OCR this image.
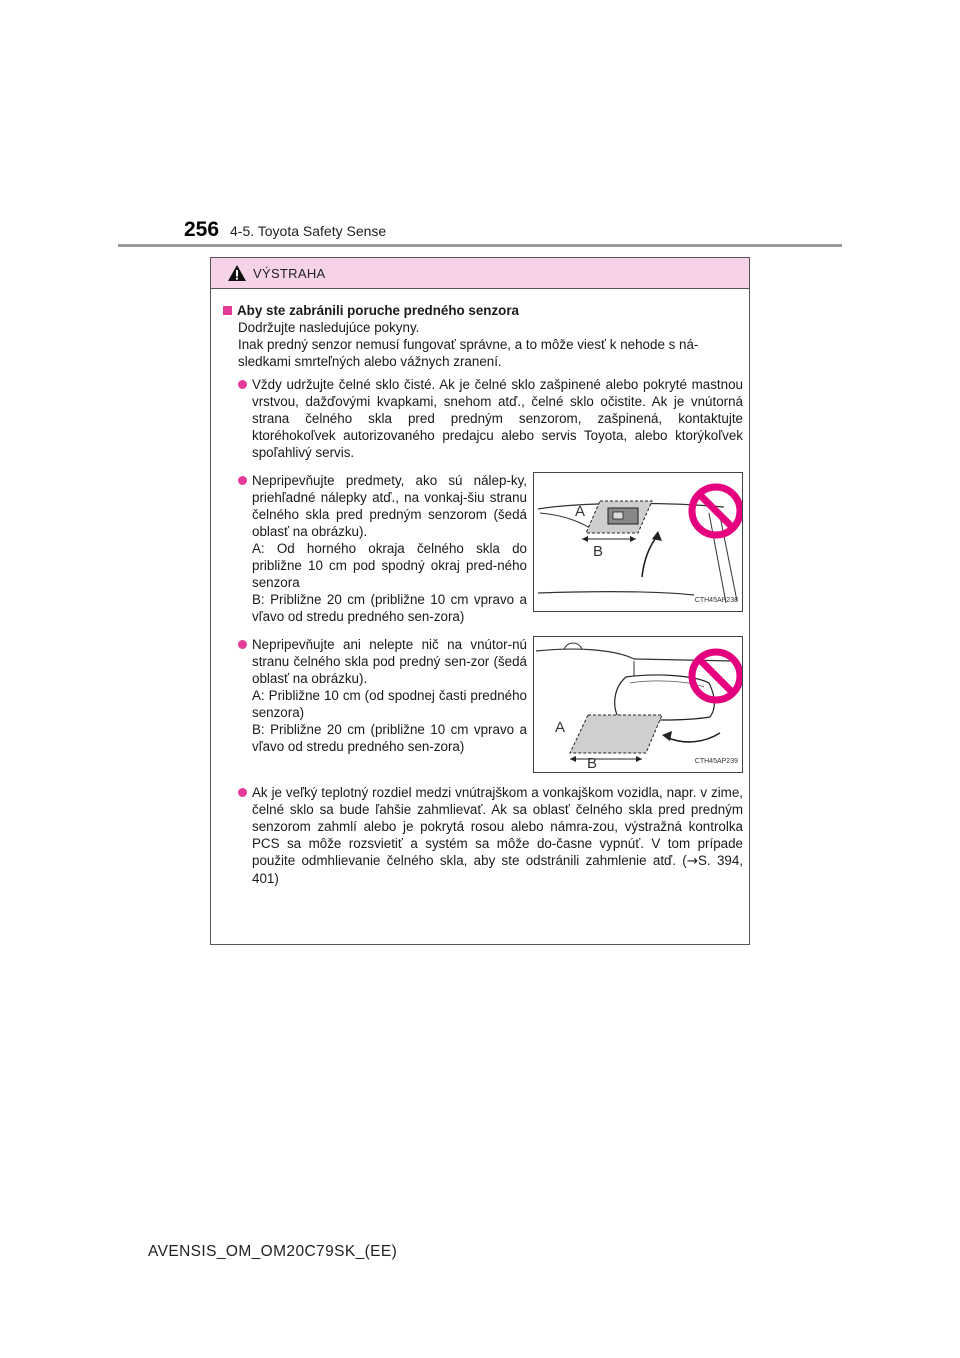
256 4-5. Toyota Safety Sense
VÝSTRAHA
Aby ste zabránili poruche predného senzora

Dodržujte nasledujúce pokyny.

Inak predný senzor nemusí fungovať správne, a to môže viesť k nehode s ná-sledkami smrteľných alebo vážnych zranení.

Vždy udržujte čelné sklo čisté. Ak je čelné sklo zašpinené alebo pokryté mastnou vrstvou, dažďovými kvapkami, snehom atď., čelné sklo očistite. Ak je vnútorná strana čelného skla pred predným senzorom, zašpinená, kontaktujte ktoréhokoľvek autorizovaného predajcu alebo servis Toyota, alebo ktorýkoľvek spoľahlivý servis.

Nepripevňujte predmety, ako sú nálep-ky, priehľadné nálepky atď., na vonkaj-šiu stranu čelného skla pred predným senzorom (šedá oblasť na obrázku).

A: Od horného okraja čelného skla do približne 10 cm pod spodný okraj pred-ného senzora

B: Približne 20 cm (približne 10 cm vpravo a vľavo od stredu predného sen-zora)

A
B
CTH45AP238

Nepripevňujte ani nelepte nič na vnútor-nú stranu čelného skla pod predný sen-zor (šedá oblasť na obrázku).

A: Približne 10 cm (od spodnej časti predného senzora)

B: Približne 20 cm (približne 10 cm vpravo a vľavo od stredu predného sen-zora)

A
B	CTH45AP239

Ak je veľký teplotný rozdiel medzi vnútrajškom a vonkajškom vozidla, napr. v zime, čelné sklo sa bude ľahšie zahmlievať. Ak sa oblasť čelného skla pred predným senzorom zahmlí alebo je pokrytá rosou alebo námra-zou, výstražná kontrolka PCS sa môže rozsvietiť a systém sa môže do-časne vypnúť. V tom prípade použite odmhlievanie čelného skla, aby ste odstránili zahmlenie atď. (→S. 394, 401)

AVENSIS_OM_OM20C79SK_(EE)
